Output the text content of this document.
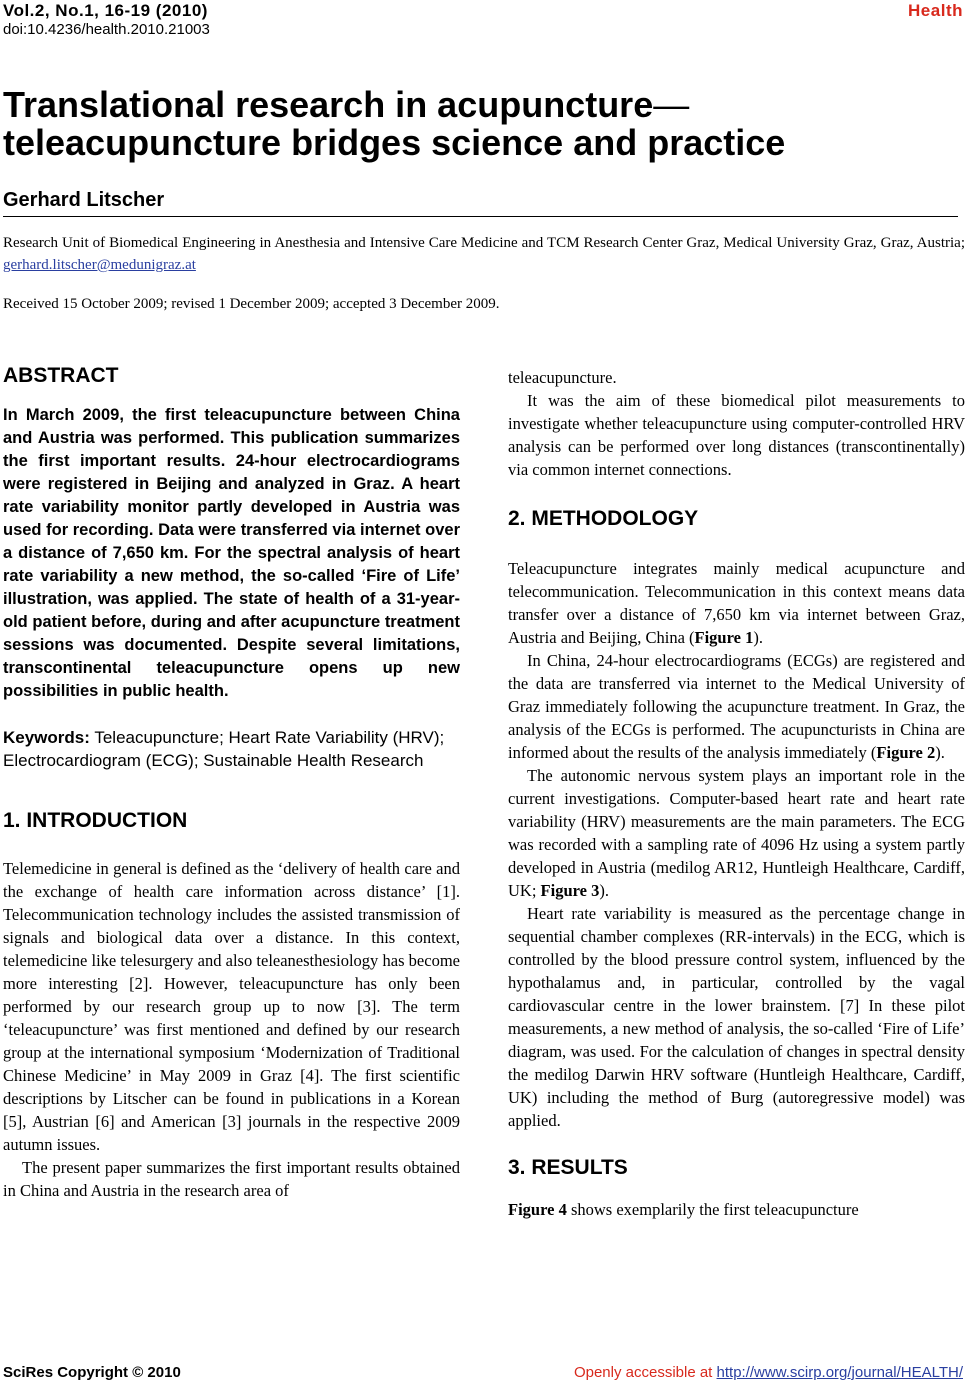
Vol.2, No.1, 16-19 (2010)
doi:10.4236/health.2010.21003
Health
Translational research in acupuncture—teleacupuncture bridges science and practice
Gerhard Litscher
Research Unit of Biomedical Engineering in Anesthesia and Intensive Care Medicine and TCM Research Center Graz, Medical University Graz, Graz, Austria; gerhard.litscher@medunigraz.at
Received 15 October 2009; revised 1 December 2009; accepted 3 December 2009.
ABSTRACT

In March 2009, the first teleacupuncture between China and Austria was performed. This publication summarizes the first important results. 24-hour electrocardiograms were registered in Beijing and analyzed in Graz. A heart rate variability monitor partly developed in Austria was used for recording. Data were transferred via internet over a distance of 7,650 km. For the spectral analysis of heart rate variability a new method, the so-called ‘Fire of Life’ illustration, was applied. The state of health of a 31-year-old patient before, during and after acupuncture treatment sessions was documented. Despite several limitations, transcontinental teleacupuncture opens up new possibilities in public health.

Keywords: Teleacupuncture; Heart Rate Variability (HRV); Electrocardiogram (ECG); Sustainable Health Research

1. INTRODUCTION

Telemedicine in general is defined as the ‘delivery of health care and the exchange of health care information across distance’ [1]. Telecommunication technology includes the assisted transmission of signals and biological data over a distance. In this context, telemedicine like telesurgery and also teleanesthesiology has become more interesting [2]. However, teleacupuncture has only been performed by our research group up to now [3]. The term ‘teleacupuncture’ was first mentioned and defined by our research group at the international symposium ‘Modernization of Traditional Chinese Medicine’ in May 2009 in Graz [4]. The first scientific descriptions by Litscher can be found in publications in a Korean [5], Austrian [6] and American [3] journals in the respective 2009 autumn issues.

The present paper summarizes the first important results obtained in China and Austria in the research area of

teleacupuncture.

It was the aim of these biomedical pilot measurements to investigate whether teleacupuncture using computer-controlled HRV analysis can be performed over long distances (transcontinentally) via common internet connections.

2. METHODOLOGY

Teleacupuncture integrates mainly medical acupuncture and telecommunication. Telecommunication in this context means data transfer over a distance of 7,650 km via internet between Graz, Austria and Beijing, China (Figure 1).

In China, 24-hour electrocardiograms (ECGs) are registered and the data are transferred via internet to the Medical University of Graz immediately following the acupuncture treatment. In Graz, the analysis of the ECGs is performed. The acupuncturists in China are informed about the results of the analysis immediately (Figure 2).

The autonomic nervous system plays an important role in the current investigations. Computer-based heart rate and heart rate variability (HRV) measurements are the main parameters. The ECG was recorded with a sampling rate of 4096 Hz using a system partly developed in Austria (medilog AR12, Huntleigh Healthcare, Cardiff, UK; Figure 3).

Heart rate variability is measured as the percentage change in sequential chamber complexes (RR-intervals) in the ECG, which is controlled by the blood pressure control system, influenced by the hypothalamus and, in particular, controlled by the vagal cardiovascular centre in the lower brainstem. [7] In these pilot measurements, a new method of analysis, the so-called ‘Fire of Life’ diagram, was used. For the calculation of changes in spectral density the medilog Darwin HRV software (Huntleigh Healthcare, Cardiff, UK) including the method of Burg (autoregressive model) was applied.

3. RESULTS

Figure 4 shows exemplarily the first teleacupuncture

SciRes Copyright © 2010	Openly accessible at http://www.scirp.org/journal/HEALTH/
